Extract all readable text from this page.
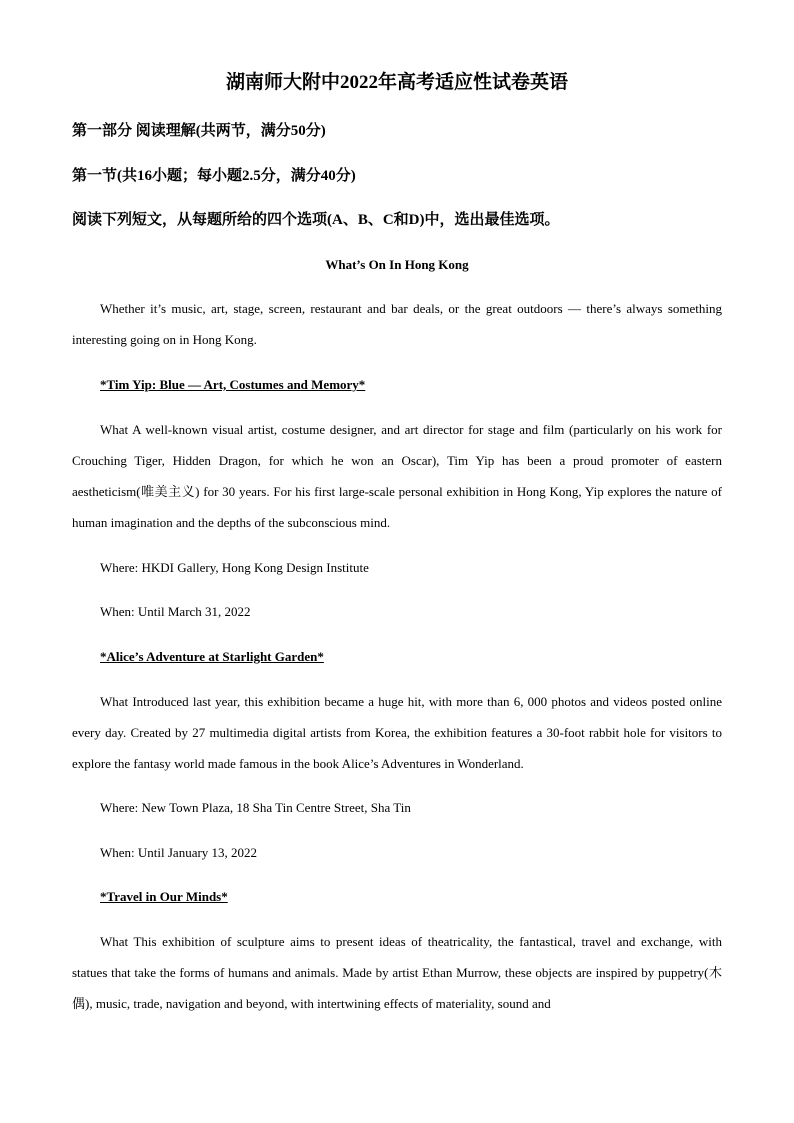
湖南师大附中2022年高考适应性试卷英语
第一部分 阅读理解(共两节，满分50分)
第一节(共16小题；每小题2.5分，满分40分)
阅读下列短文，从每题所给的四个选项(A、B、C和D)中，选出最佳选项。
What’s On In Hong Kong
Whether it’s music, art, stage, screen, restaurant and bar deals, or the great outdoors — there’s always something interesting going on in Hong Kong.
*Tim Yip: Blue — Art, Costumes and Memory*
What A well-known visual artist, costume designer, and art director for stage and film (particularly on his work for Crouching Tiger, Hidden Dragon, for which he won an Oscar), Tim Yip has been a proud promoter of eastern aestheticism(唯美主义) for 30 years. For his first large-scale personal exhibition in Hong Kong, Yip explores the nature of human imagination and the depths of the subconscious mind.
Where: HKDI Gallery, Hong Kong Design Institute
When: Until March 31, 2022
*Alice’s Adventure at Starlight Garden*
What Introduced last year, this exhibition became a huge hit, with more than 6, 000 photos and videos posted online every day. Created by 27 multimedia digital artists from Korea, the exhibition features a 30-foot rabbit hole for visitors to explore the fantasy world made famous in the book Alice’s Adventures in Wonderland.
Where: New Town Plaza, 18 Sha Tin Centre Street, Sha Tin
When: Until January 13, 2022
*Travel in Our Minds*
What This exhibition of sculpture aims to present ideas of theatricality, the fantastical, travel and exchange, with statues that take the forms of humans and animals. Made by artist Ethan Murrow, these objects are inspired by puppetry(木偶), music, trade, navigation and beyond, with intertwining effects of materiality, sound and
